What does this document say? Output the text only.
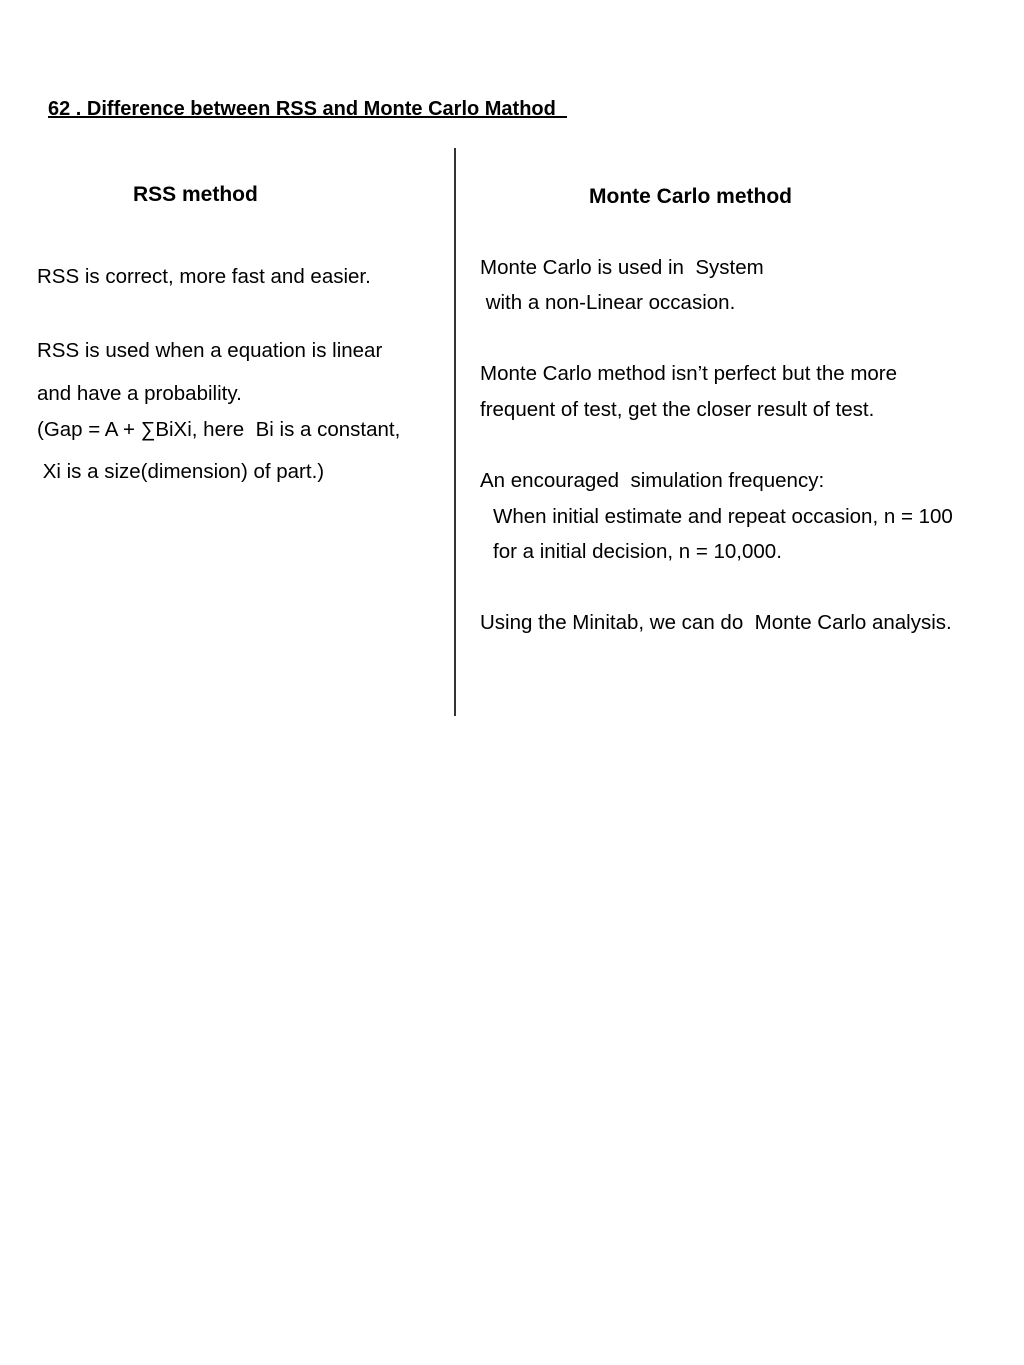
62 . Difference between RSS and Monte Carlo Mathod
RSS method
RSS is correct, more fast and easier.
RSS is used when a equation is linear
and have a probability.
(Gap = A + ∑BiXi, here  Bi is a constant,
Xi is a size(dimension) of part.)
Monte Carlo method
Monte Carlo is used in  System
with a non-Linear occasion.
Monte Carlo method isn’t perfect but the more
frequent of test, get the closer result of test.
An encouraged  simulation frequency:
When initial estimate and repeat occasion, n = 100
for a initial decision, n = 10,000.
Using the Minitab, we can do  Monte Carlo analysis.
